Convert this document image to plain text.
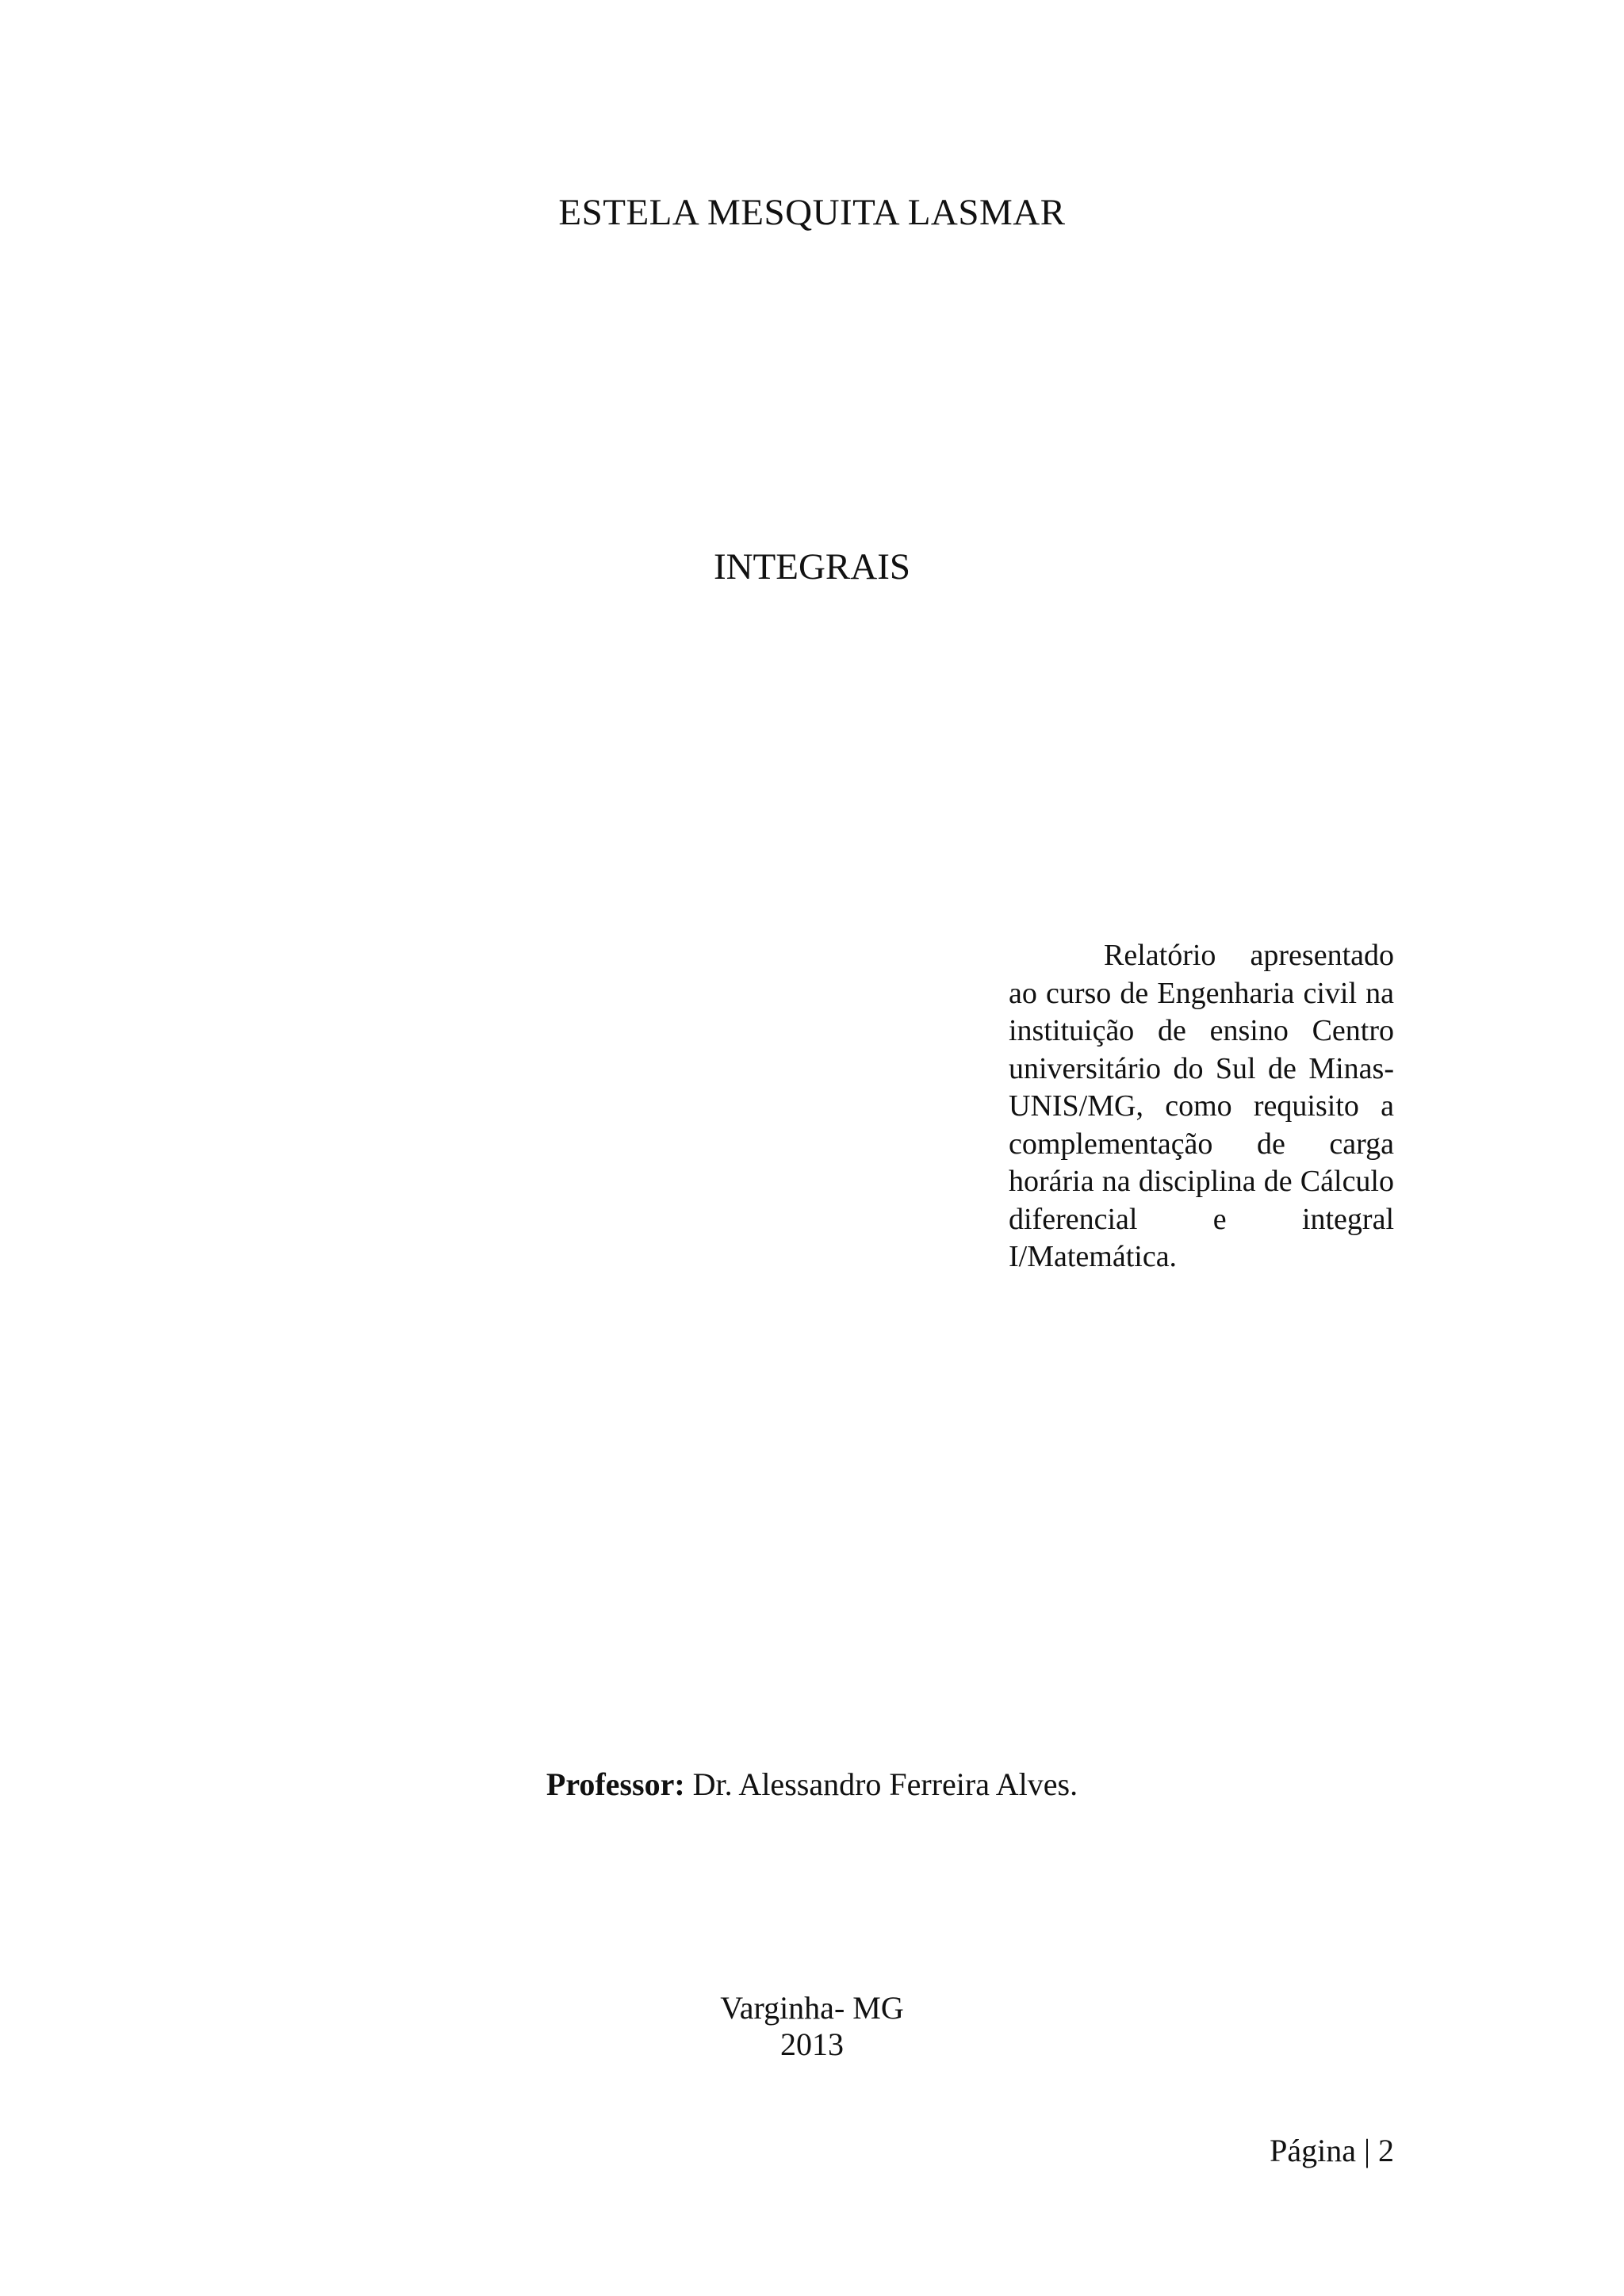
ESTELA MESQUITA LASMAR
INTEGRAIS
Relatório apresentado ao curso de Engenharia civil na instituição de ensino Centro universitário do Sul de Minas-UNIS/MG, como requisito a complementação de carga horária na disciplina de Cálculo diferencial e integral I/Matemática.
Professor: Dr. Alessandro Ferreira Alves.
Varginha- MG
2013
Página | 2
